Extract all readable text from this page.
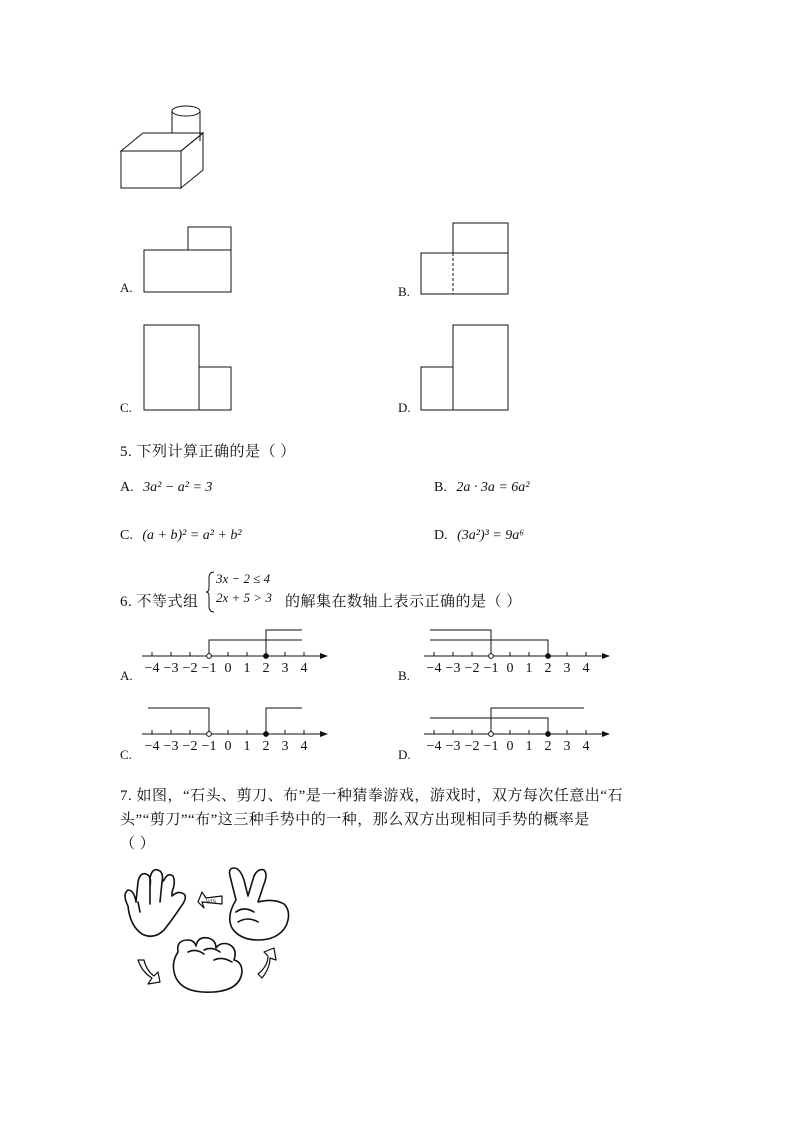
A.	B.
C.	D.
5. 下列计算正确的是（ ）
A. 3a² − a² = 3	B. 2a · 3a = 6a²
C. (a + b)² = a² + b²	D. (3a²)³ = 9a⁶
6. 不等式组
3x − 2 ≤ 4
2x + 5 > 3 的解集在数轴上表示正确的是（ ）
A. −4 −3 −2 −1 0 1 2 3 4	B. −4 −3 −2 −1 0 1 2 3 4
C.
−4 −3 −2 −1 0 1 2 3 4
D.
−4 −3 −2 −1 0 1 2 3 4
7. 如图，“石头、剪刀、布”是一种猜拳游戏，游戏时，双方每次任意出“石
头”“剪刀”“布”这三种手势中的一种，那么双方出现相同手势的概率是
（ ）
WIN
